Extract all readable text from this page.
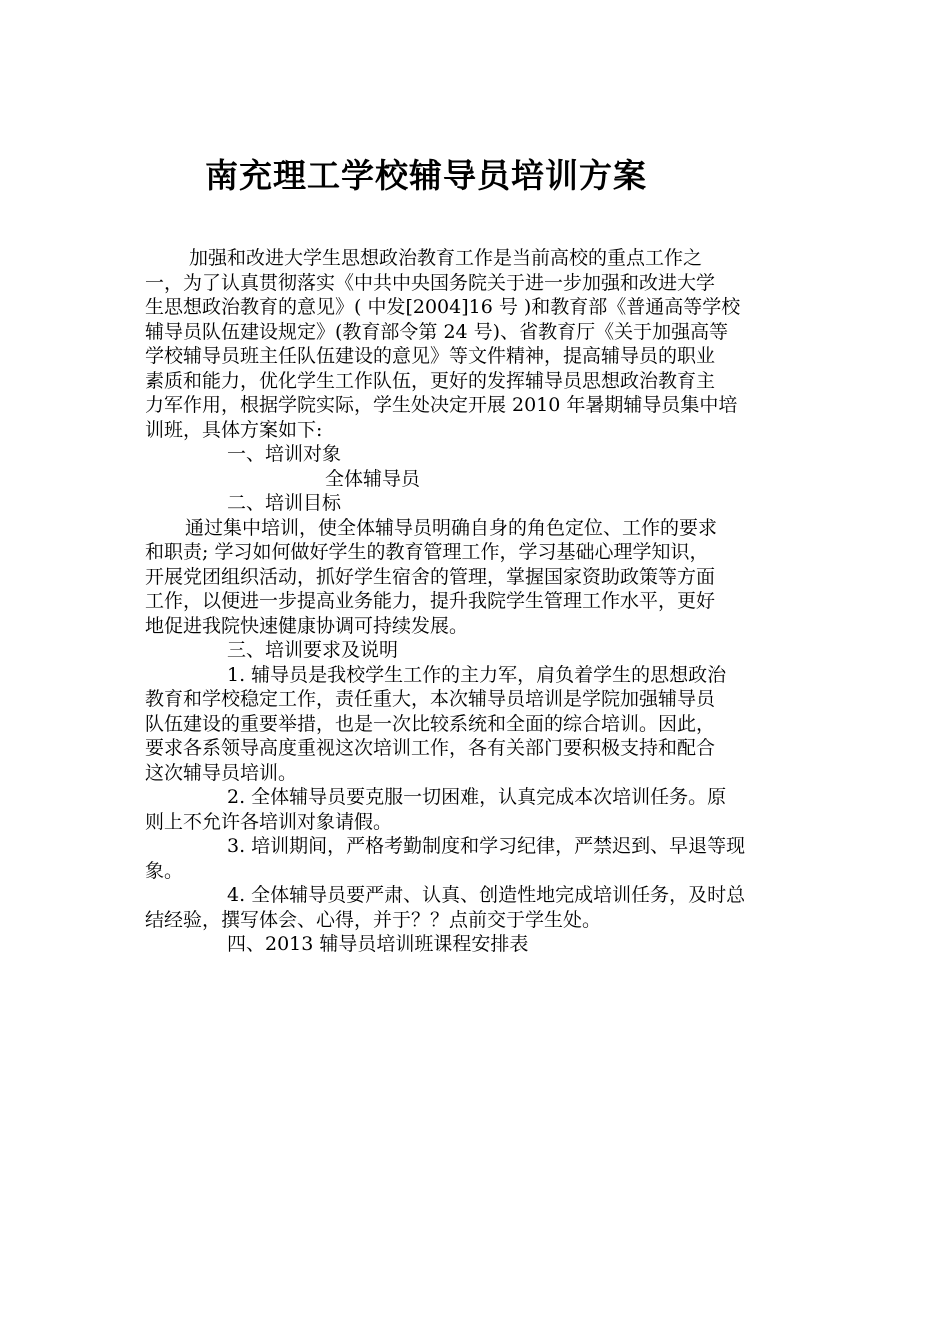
南充理工学校辅导员培训方案
加强和改进大学生思想政治教育工作是当前高校的重点工作之
一，为了认真贯彻落实《中共中央国务院关于进一步加强和改进大学
生思想政治教育的意见》( 中发[2004]16 号 )和教育部《普通高等学校
辅导员队伍建设规定》(教育部令第 24 号)、省教育厅《关于加强高等
学校辅导员班主任队伍建设的意见》等文件精神，提高辅导员的职业
素质和能力，优化学生工作队伍，更好的发挥辅导员思想政治教育主
力军作用，根据学院实际，学生处决定开展 2010 年暑期辅导员集中培
训班，具体方案如下:
一、培训对象
全体辅导员
二、培训目标
通过集中培训，使全体辅导员明确自身的角色定位、工作的要求
和职责; 学习如何做好学生的教育管理工作，学习基础心理学知识，
开展党团组织活动，抓好学生宿舍的管理，掌握国家资助政策等方面
工作，以便进一步提高业务能力，提升我院学生管理工作水平，更好
地促进我院快速健康协调可持续发展。
三、培训要求及说明
1. 辅导员是我校学生工作的主力军，肩负着学生的思想政治
教育和学校稳定工作，责任重大，本次辅导员培训是学院加强辅导员
队伍建设的重要举措，也是一次比较系统和全面的综合培训。因此，
要求各系领导高度重视这次培训工作，各有关部门要积极支持和配合
这次辅导员培训。
2. 全体辅导员要克服一切困难，认真完成本次培训任务。原
则上不允许各培训对象请假。
3. 培训期间，严格考勤制度和学习纪律，严禁迟到、早退等现
象。
4. 全体辅导员要严肃、认真、创造性地完成培训任务，及时总
结经验，撰写体会、心得，并于？？点前交于学生处。
四、2013 辅导员培训班课程安排表
